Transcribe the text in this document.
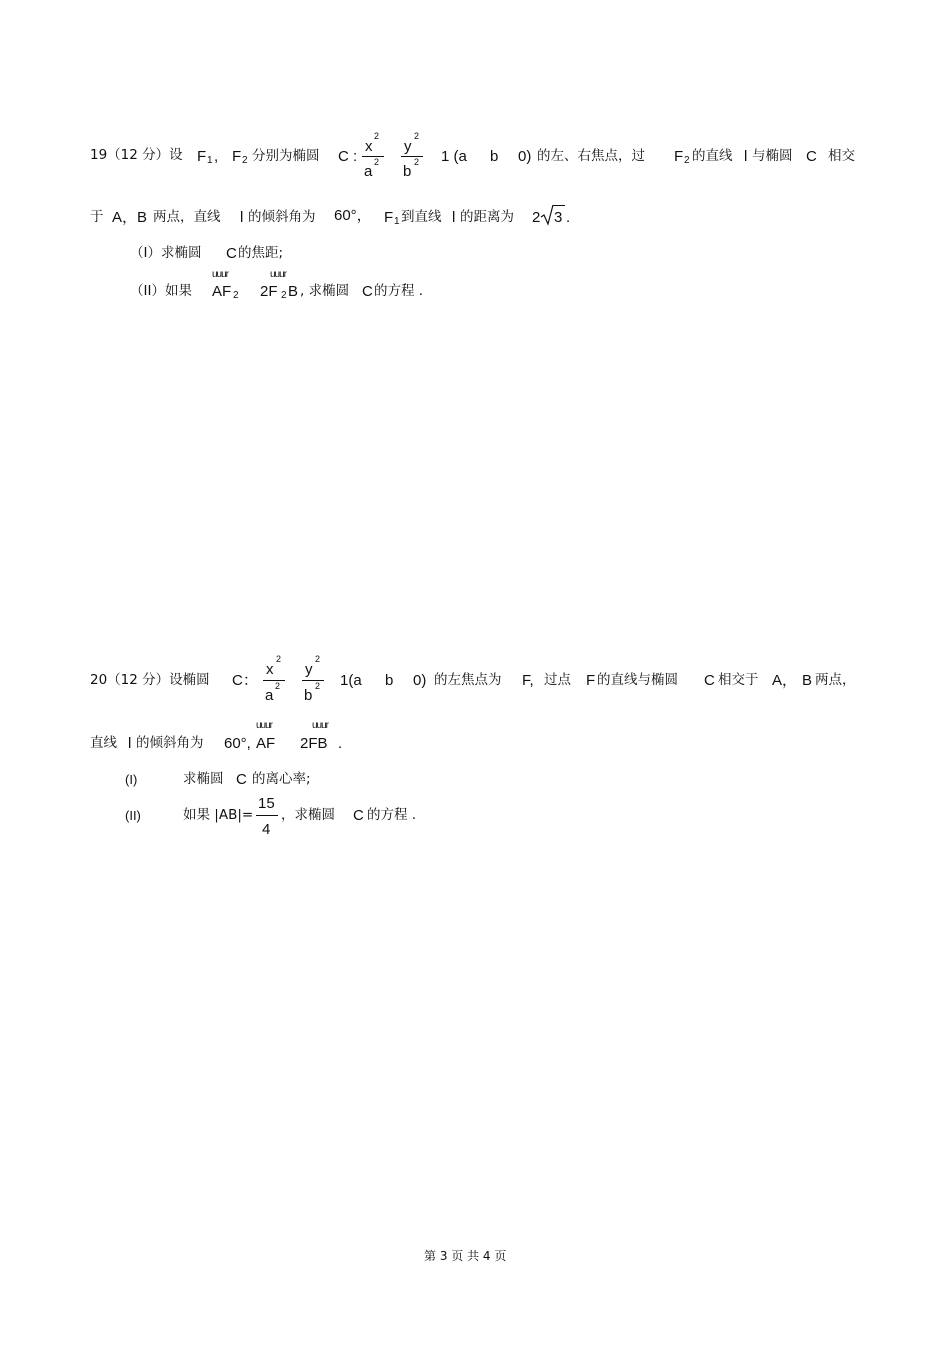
19（12 分）设 F 1 , F 2 分别为椭圆 C :
x
2
a
2
y
2
b
2 1 (a b 0) 的左、右焦点，过 F 2 的直线 l 与椭圆 C 相交
于 A，B 两点，直线 l 的倾斜角为 60°， F 1 到直线 l 的距离为 2 3 .
（I）求椭圆 C 的焦距;
（II）如果
uuur
AF 2
uuur
2F 2 B , 求椭圆 C 的方程 .
20（12 分）设椭圆 C：
x
2
a
2
y
2
b
2 1(a b 0) 的左焦点为 F, 过点 F 的直线与椭圆 C 相交于 A， B 两点，
直线 l 的倾斜角为 60°,
uuur
AF
uuur
2FB .
(I)	求椭圆 C 的离心率;
(II)	如果 |AB|=
15
4
，求椭圆 C 的方程 .
第 3 页 共 4 页
